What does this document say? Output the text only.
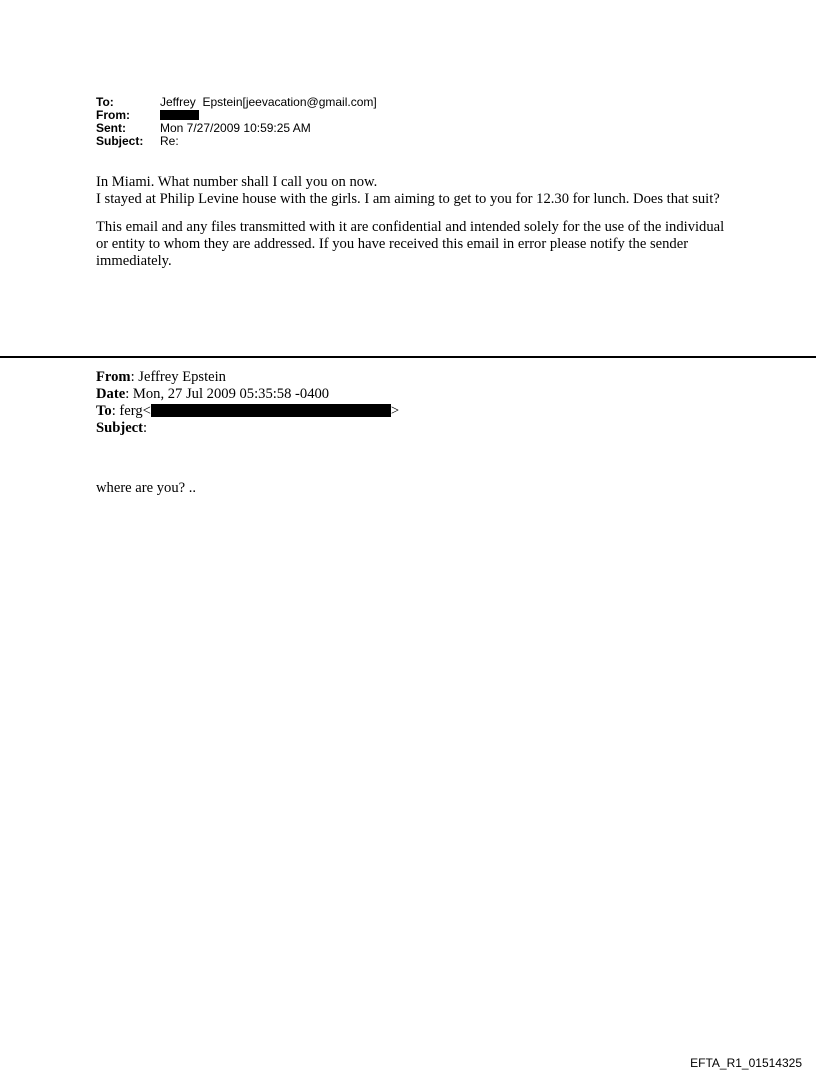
To:	Jeffrey  Epstein[jeevacation@gmail.com]
From:
Sent:	Mon 7/27/2009 10:59:25 AM
Subject:	Re:

In Miami. What number shall I call you on now.

I stayed at Philip Levine house with the girls. I am aiming to get to you for 12.30 for lunch. Does that suit?

This email and any files transmitted with it are confidential and intended solely for the use of the individual or entity to whom they are addressed. If you have received this email in error please notify the sender

immediately.

From: Jeffrey Epstein
Date: Mon, 27 Jul 2009 05:35:58 -0400
To: ferg<	>
Subject:
where are you? ..
EFTA_R1_01514325
